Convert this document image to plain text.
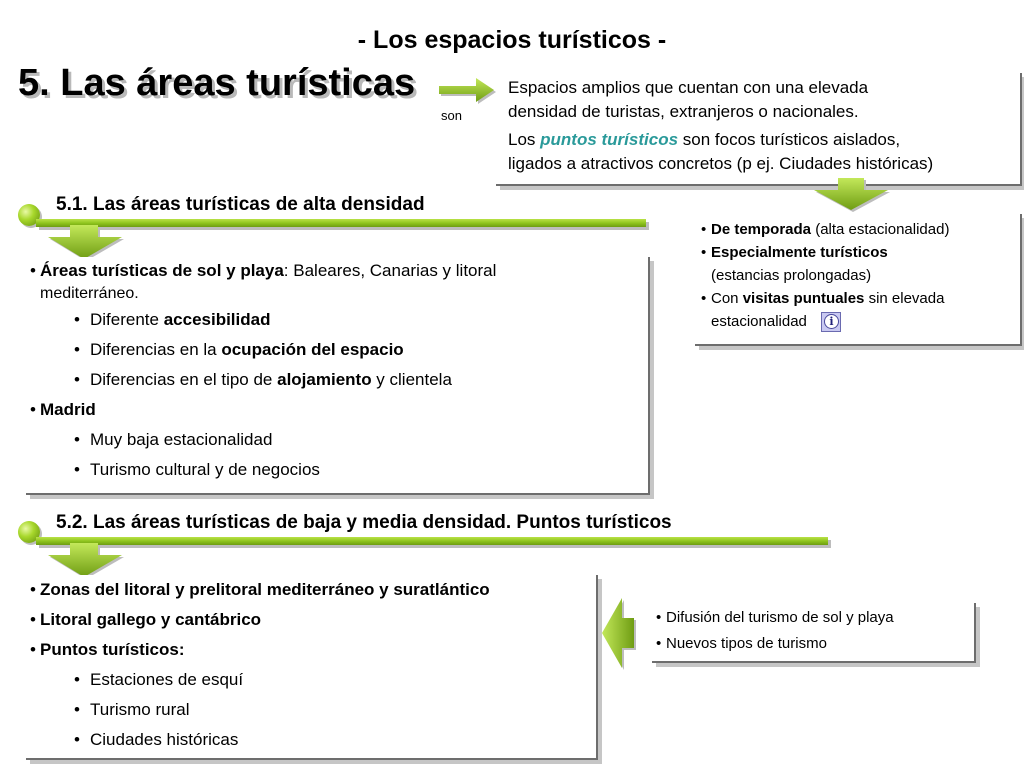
- Los espacios turísticos -
5. Las áreas turísticas
son

Espacios amplios que cuentan con una elevada

densidad de turistas, extranjeros o nacionales.

Los puntos turísticos son focos turísticos aislados,

ligados a atractivos concretos (p ej. Ciudades históricas)

• De temporada (alta estacionalidad)
• Especialmente turísticos
(estancias prolongadas)
• Con visitas puntuales sin elevada
estacionalidad	i
5.1. Las áreas turísticas de alta densidad
• Áreas turísticas de sol y playa: Baleares, Canarias y litoral
mediterráneo.
• Diferente accesibilidad
• Diferencias en la ocupación del espacio
• Diferencias en el tipo de alojamiento y clientela
• Madrid
• Muy baja estacionalidad
• Turismo cultural y de negocios
5.2. Las áreas turísticas de baja y media densidad. Puntos turísticos
• Zonas del litoral y prelitoral mediterráneo y suratlántico
• Litoral gallego y cantábrico
• Puntos turísticos:
• Estaciones de esquí
• Turismo rural
• Ciudades históricas
• Difusión del turismo de sol y playa
• Nuevos tipos de turismo
